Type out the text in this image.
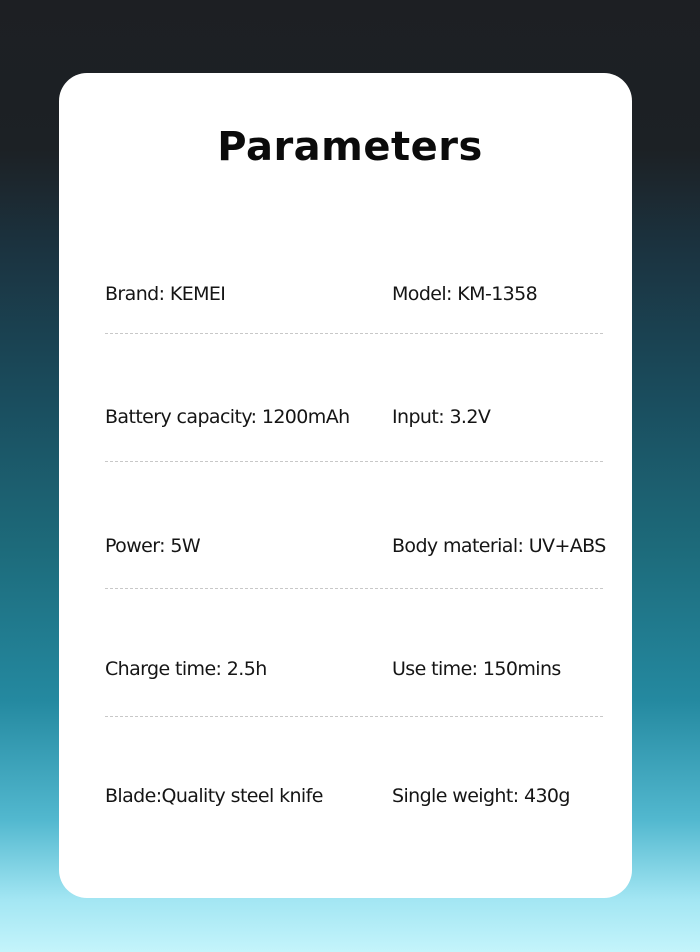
Parameters
Brand: KEMEI	Model: KM-1358
Battery capacity: 1200mAh Input: 3.2V
Power: 5W	Body material: UV+ABS
Charge time: 2.5h	Use time: 150mins
Blade:Quality steel knife	Single weight: 430g
